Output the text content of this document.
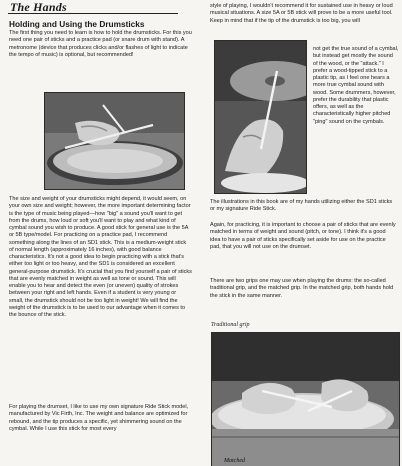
The Hands
Holding and Using the Drumsticks

The first thing you need to learn is how to hold the drumsticks. For this you need one pair of sticks and a practice pad (or snare drum with stand). A metronome (device that produces clicks and/or flashes of light to indicate the tempo of music) is optional, but recommended!

The size and weight of your drumsticks might depend, it would seem, on your own size and weight; however, the more important determining factor is the type of music being played—how "big" a sound you'll want to get from the drums, how loud or soft you'll want to play and what kind of cymbal sound you wish to produce. A good stick for general use is the 5A or 5B type/model. For practicing on a practice pad, I recommend something along the lines of an SD1 stick. This is a medium-weight stick of normal length (approximately 16 inches), with good balance characteristics. It's not a good idea to begin practicing with a stick that's either too light or too heavy, and the SD1 is considered an excellent general-purpose drumstick. It's crucial that you find yourself a pair of sticks that are evenly matched in weight as well as tone or sound. This will enable you to hear and detect the even (or uneven) quality of strokes between your right and left hands. Even if a student is very young or small, the drumstick should not be too light in weight! We will find the weight of the drumstick is to be used to our advantage when it comes to the bounce of the stick.

For playing the drumset, I like to use my own signature Ride Stick model, manufactured by Vic Firth, Inc. The weight and balance are optimized for rebound, and the tip produces a specific, yet shimmering sound on the cymbal. While I use this stick for most every

style of playing, I wouldn't recommend it for sustained use in heavy or loud musical situations. A size 5A or 5B stick will prove to be a more useful tool. Keep in mind that if the tip of the drumstick is too big, you will

not get the true sound of a cymbal, but instead get mostly the sound of the wood, or the "attack." I prefer a wood-tipped stick to a plastic tip, as I feel one hears a more true cymbal sound with wood. Some drummers, however, prefer the durability that plastic offers, as well as the characteristically higher pitched "ping" sound on the cymbals.

The illustrations in this book are of my hands utilizing either the SD1 sticks or my signature Ride Stick.

Again, for practicing, it is important to choose a pair of sticks that are evenly matched in terms of weight and sound (pitch, or tone). I think it's a good idea to have a pair of sticks specifically set aside for use on the practice pad, that you will not use on the drumset.

There are two grips one may use when playing the drums: the so-called traditional grip, and the matched grip. In the matched grip, both hands hold the stick in the same manner.

Traditional grip
Matched
